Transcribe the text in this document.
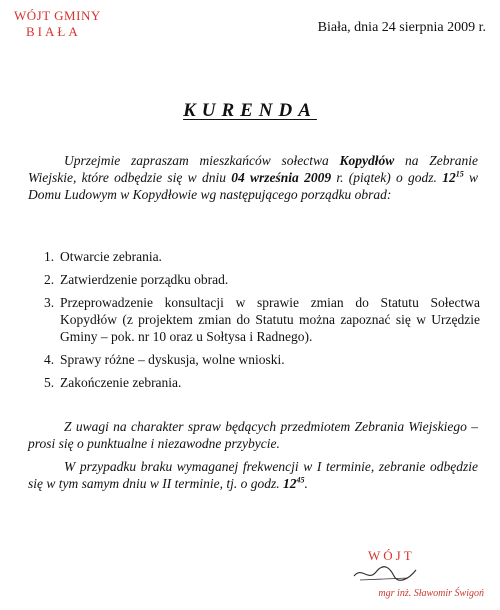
WÓJT GMINY
BIAŁA	Biała, dnia 24 sierpnia 2009 r.
KURENDA
Uprzejmie zapraszam mieszkańców sołectwa Kopydłów na Zebranie Wiejskie, które odbędzie się w dniu 04 września 2009 r. (piątek) o godz. $12^{15}$ w Domu Ludowym w Kopydłowie wg następującego porządku obrad:
1. Otwarcie zebrania.
2. Zatwierdzenie porządku obrad.
3. Przeprowadzenie konsultacji w sprawie zmian do Statutu Sołectwa Kopydłów (z projektem zmian do Statutu można zapoznać się w Urzędzie Gminy – pok. nr 10 oraz u Sołtysa i Radnego).
4. Sprawy różne – dyskusja, wolne wnioski.
5. Zakończenie zebrania.
Z uwagi na charakter spraw będących przedmiotem Zebrania Wiejskiego – prosi się o punktualne i niezawodne przybycie.
W przypadku braku wymaganej frekwencji w I terminie, zebranie odbędzie się w tym samym dniu w II terminie, tj. o godz. $12^{45}$.
WÓJT
mgr inż. Sławomir Świgoń
